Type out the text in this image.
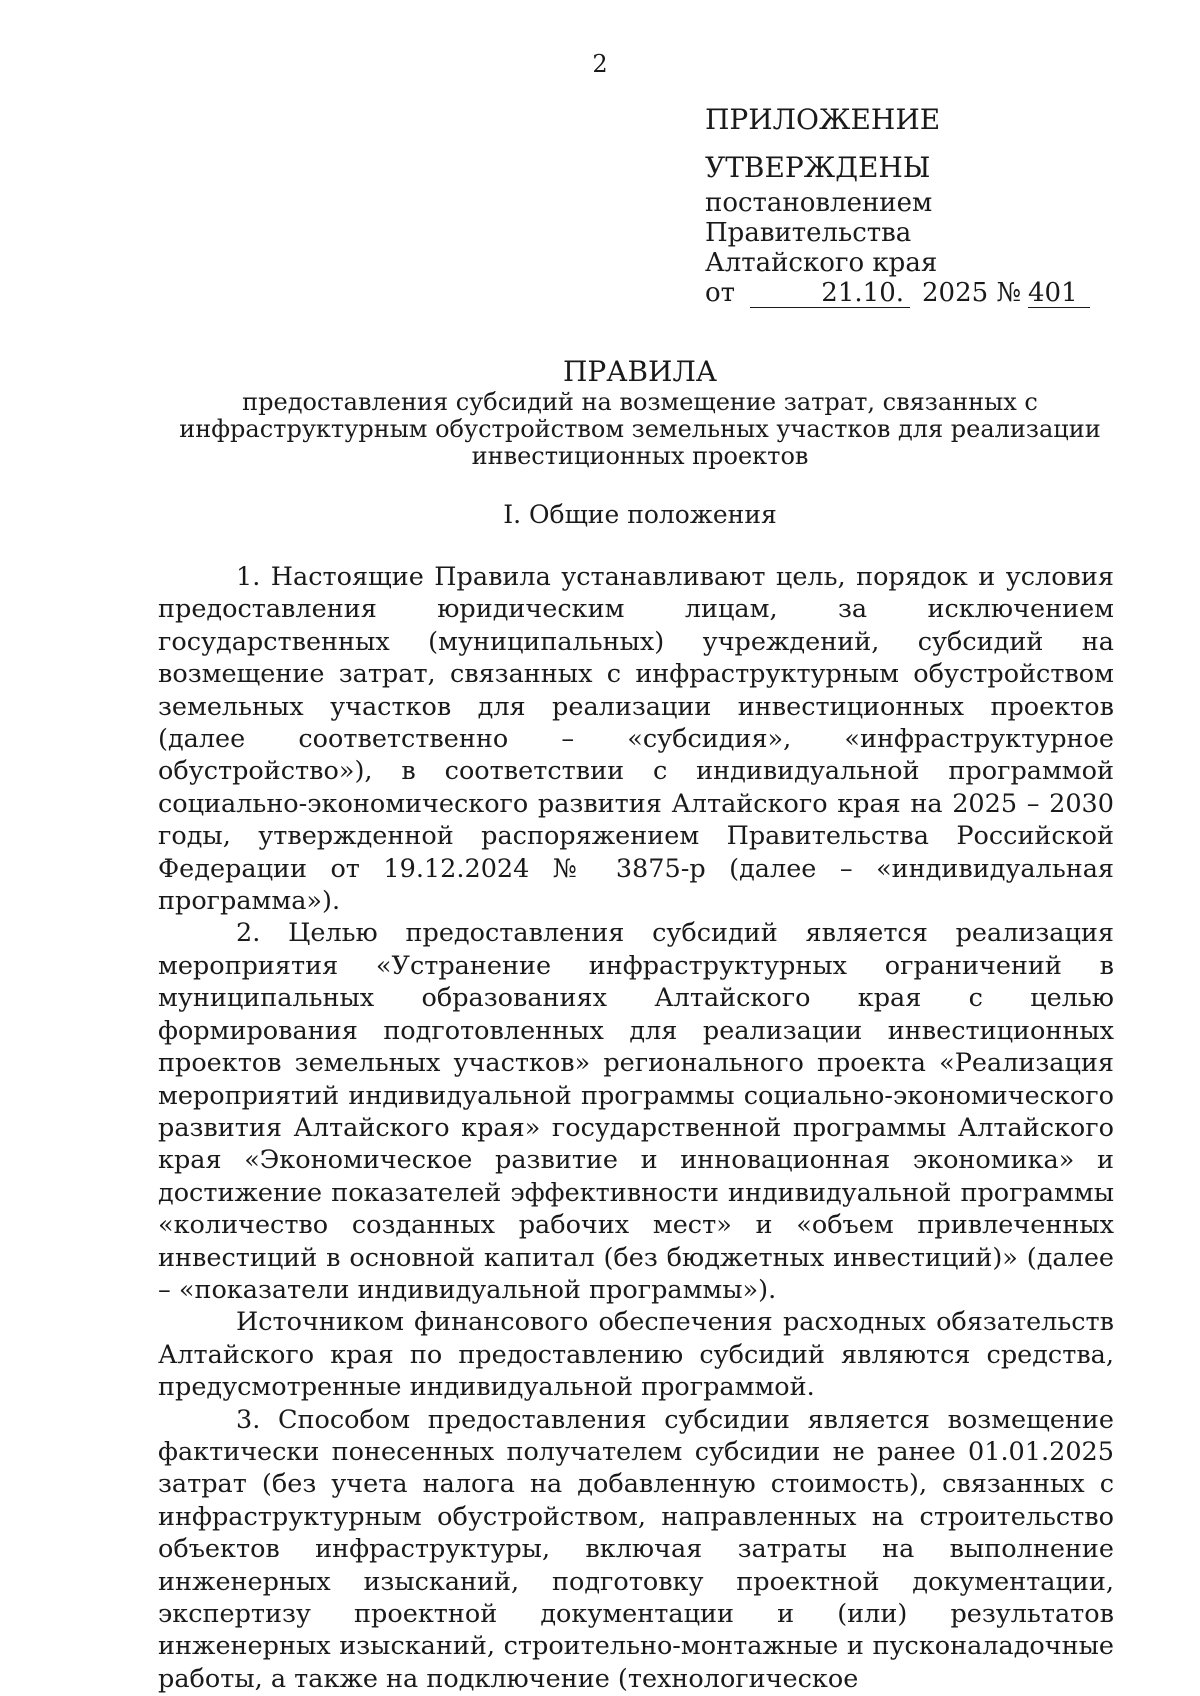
2
ПРИЛОЖЕНИЕ
УТВЕРЖДЕНЫ
постановлением Правительства
Алтайского края
от	21.10. 2025 № 401
ПРАВИЛА
предоставления субсидий на возмещение затрат, связанных с
инфраструктурным обустройством земельных участков для реализации
инвестиционных проектов
I. Общие положения

1. Настоящие Правила устанавливают цель, порядок и условия предоставления юридическим лицам, за исключением государственных (муниципальных) учреждений, субсидий на возмещение затрат, связанных с инфраструктурным обустройством земельных участков для реализации инвестиционных проектов (далее соответственно – «субсидия», «инфраструктурное обустройство»), в соответствии с индивидуальной программой социально-экономического развития Алтайского края на 2025 – 2030 годы, утвержденной распоряжением Правительства Российской Федерации от 19.12.2024 № 3875-р (далее – «индивидуальная программа»).

2. Целью предоставления субсидий является реализация мероприятия «Устранение инфраструктурных ограничений в муниципальных образованиях Алтайского края с целью формирования подготовленных для реализации инвестиционных проектов земельных участков» регионального проекта «Реализация мероприятий индивидуальной программы социально-экономического развития Алтайского края» государственной программы Алтайского края «Экономическое развитие и инновационная экономика» и достижение показателей эффективности индивидуальной программы «количество созданных рабочих мест» и «объем привлеченных инвестиций в основной капитал (без бюджетных инвестиций)» (далее – «показатели индивидуальной программы»).

Источником финансового обеспечения расходных обязательств Алтайского края по предоставлению субсидий являются средства, предусмотренные индивидуальной программой.

3. Способом предоставления субсидии является возмещение фактически понесенных получателем субсидии не ранее 01.01.2025 затрат (без учета налога на добавленную стоимость), связанных с инфраструктурным обустройством, направленных на строительство объектов инфраструктуры, включая затраты на выполнение инженерных изысканий, подготовку проектной документации, экспертизу проектной документации и (или) результатов инженерных изысканий, строительно-монтажные и пусконаладочные работы, а также на подключение (технологическое
